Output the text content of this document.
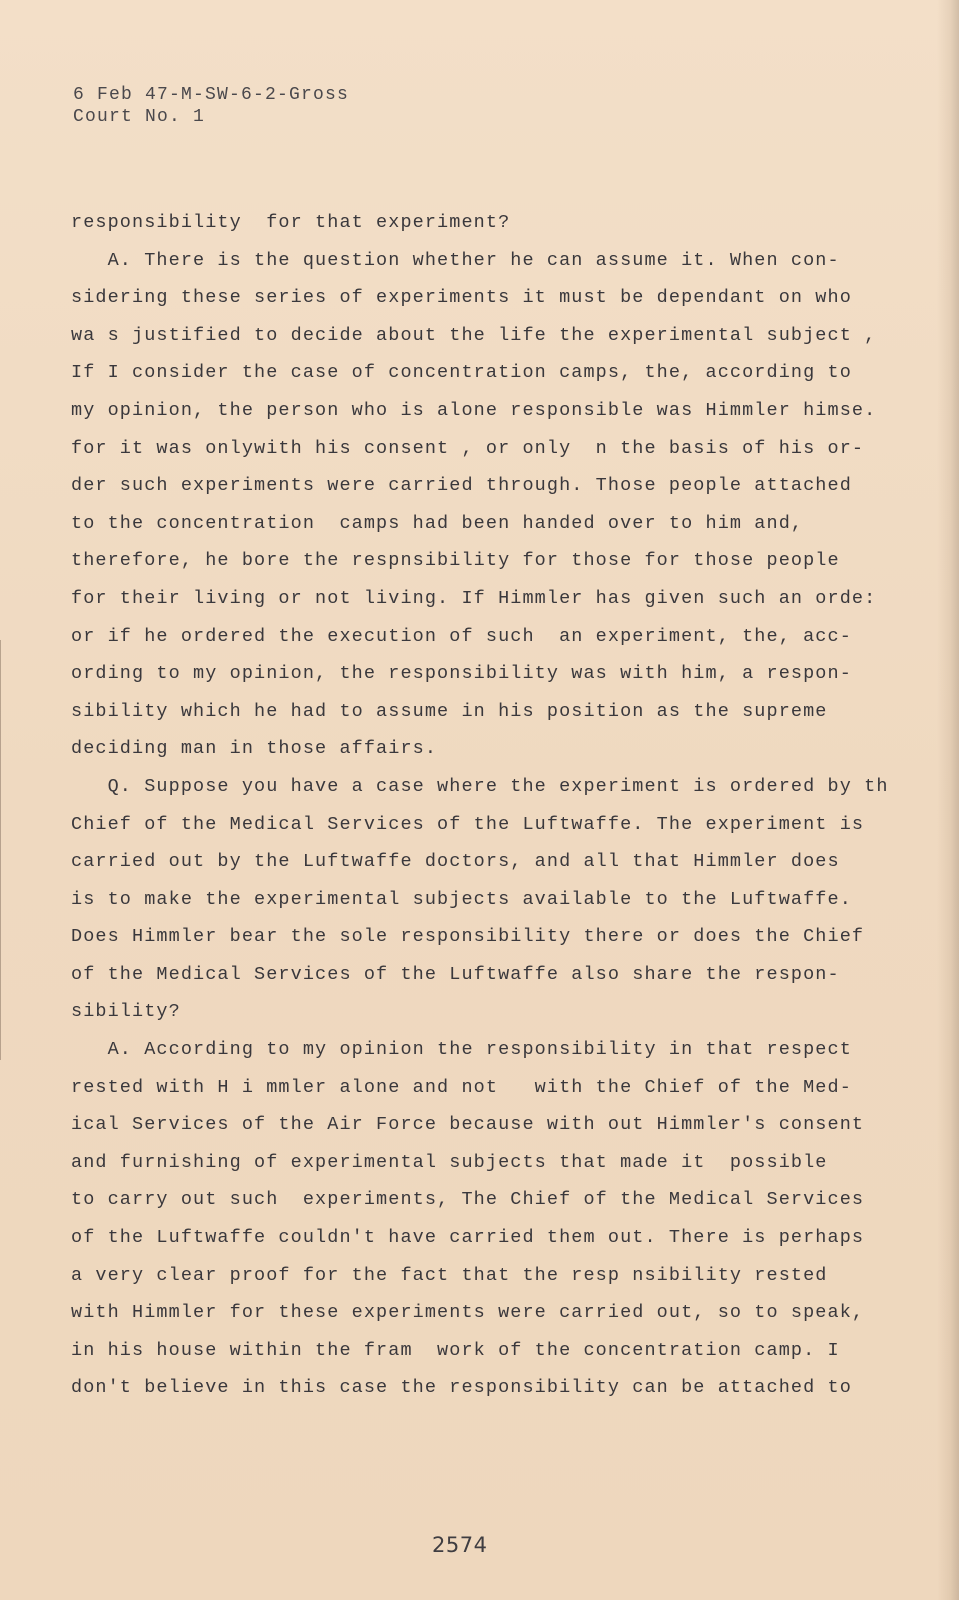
6 Feb 47-M-SW-6-2-Gross
Court No. 1
responsibility  for that experiment?
A. There is the question whether he can assume it. When con-
sidering these series of experiments it must be dependant on who
wa s justified to decide about the life the experimental subject ,
If I consider the case of concentration camps, the, according to
my opinion, the person who is alone responsible was Himmler himse.
for it was onlywith his consent , or only  n the basis of his or-
der such experiments were carried through. Those people attached
to the concentration  camps had been handed over to him and,
therefore, he bore the respnsibility for those for those people
for their living or not living. If Himmler has given such an orde:
or if he ordered the execution of such  an experiment, the, acc-
ording to my opinion, the responsibility was with him, a respon-
sibility which he had to assume in his position as the supreme
deciding man in those affairs.
Q. Suppose you have a case where the experiment is ordered by th
Chief of the Medical Services of the Luftwaffe. The experiment is
carried out by the Luftwaffe doctors, and all that Himmler does
is to make the experimental subjects available to the Luftwaffe.
Does Himmler bear the sole responsibility there or does the Chief
of the Medical Services of the Luftwaffe also share the respon-
sibility?
A. According to my opinion the responsibility in that respect
rested with H i mmler alone and not   with the Chief of the Med-
ical Services of the Air Force because with out Himmler's consent
and furnishing of experimental subjects that made it  possible
to carry out such  experiments, The Chief of the Medical Services
of the Luftwaffe couldn't have carried them out. There is perhaps
a very clear proof for the fact that the resp nsibility rested
with Himmler for these experiments were carried out, so to speak,
in his house within the fram  work of the concentration camp. I
don't believe in this case the responsibility can be attached to
2574
